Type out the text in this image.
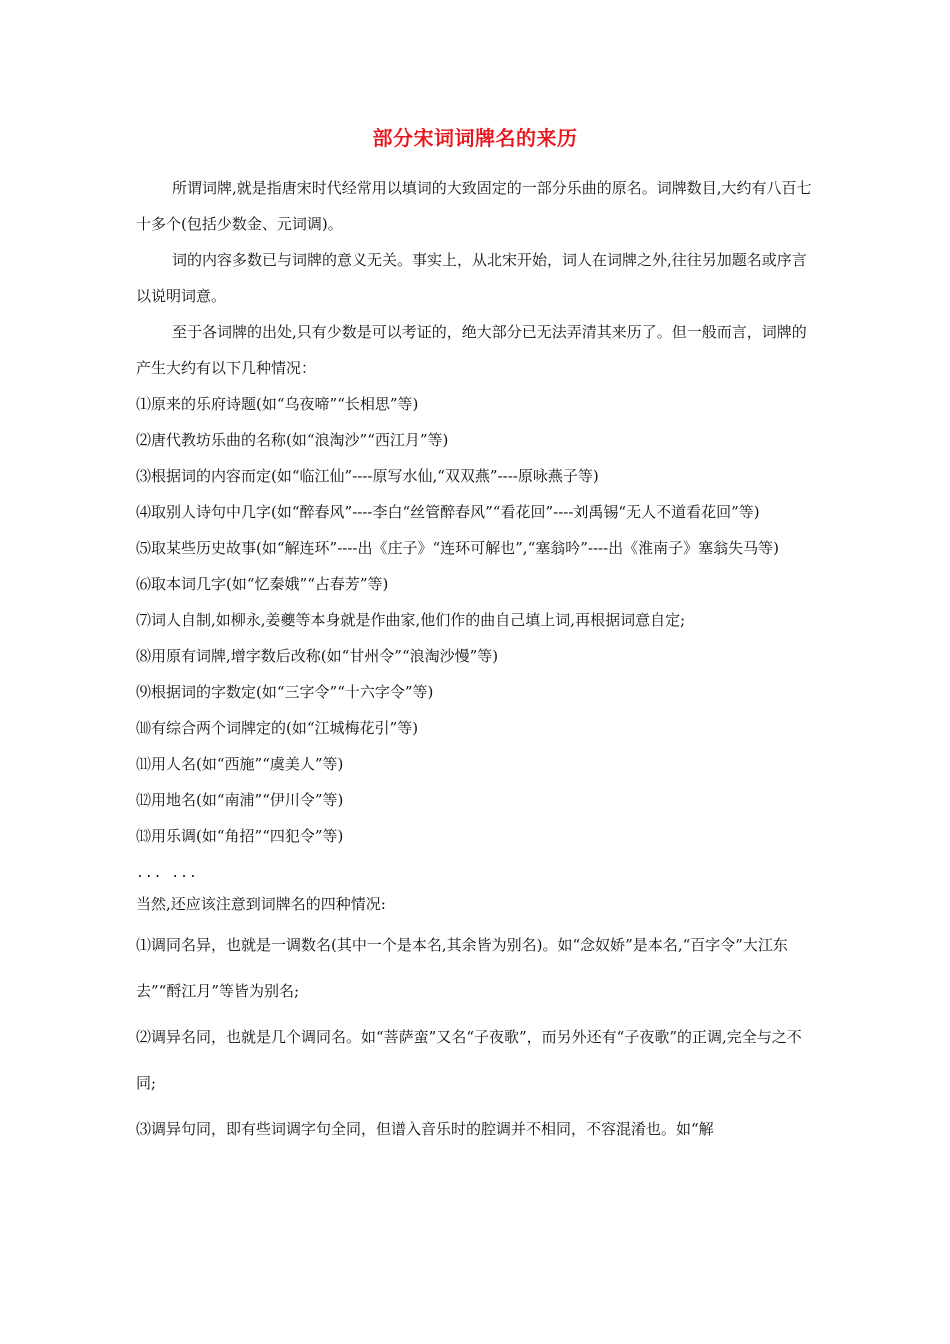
部分宋词词牌名的来历

所谓词牌,就是指唐宋时代经常用以填词的大致固定的一部分乐曲的原名。词牌数目,大约有八百七十多个(包括少数金、元词调)。

词的内容多数已与词牌的意义无关。事实上，从北宋开始，词人在词牌之外,往往另加题名或序言以说明词意。

至于各词牌的出处,只有少数是可以考证的，绝大部分已无法弄清其来历了。但一般而言，词牌的产生大约有以下几种情况：

⑴原来的乐府诗题(如“乌夜啼”“长相思”等)

⑵唐代教坊乐曲的名称(如“浪淘沙”“西江月”等)

⑶根据词的内容而定(如“临江仙”----原写水仙,“双双燕”----原咏燕子等)

⑷取别人诗句中几字(如“醉春风”----李白“丝管醉春风”“看花回”----刘禹锡“无人不道看花回”等)

⑸取某些历史故事(如“解连环”----出《庄子》“连环可解也”,“塞翁吟”----出《淮南子》塞翁失马等)

⑹取本词几字(如“忆秦娥”“占春芳”等)

⑺词人自制,如柳永,姜夔等本身就是作曲家,他们作的曲自己填上词,再根据词意自定;

⑻用原有词牌,增字数后改称(如“甘州令”“浪淘沙慢”等)

⑼根据词的字数定(如“三字令”“十六字令”等)

⑽有综合两个词牌定的(如“江城梅花引”等)

⑾用人名(如“西施”“虞美人”等)

⑿用地名(如“南浦”“伊川令”等)

⒀用乐调(如“角招”“四犯令”等)

... ...

当然,还应该注意到词牌名的四种情况:

⑴调同名异，也就是一调数名(其中一个是本名,其余皆为别名)。如“念奴娇”是本名,“百字令”大江东去”“酹江月”等皆为别名;

⑵调异名同，也就是几个调同名。如“菩萨蛮”又名“子夜歌”，而另外还有“子夜歌”的正调,完全与之不同;

⑶调异句同，即有些词调字句全同，但谱入音乐时的腔调并不相同，不容混淆也。如“解
